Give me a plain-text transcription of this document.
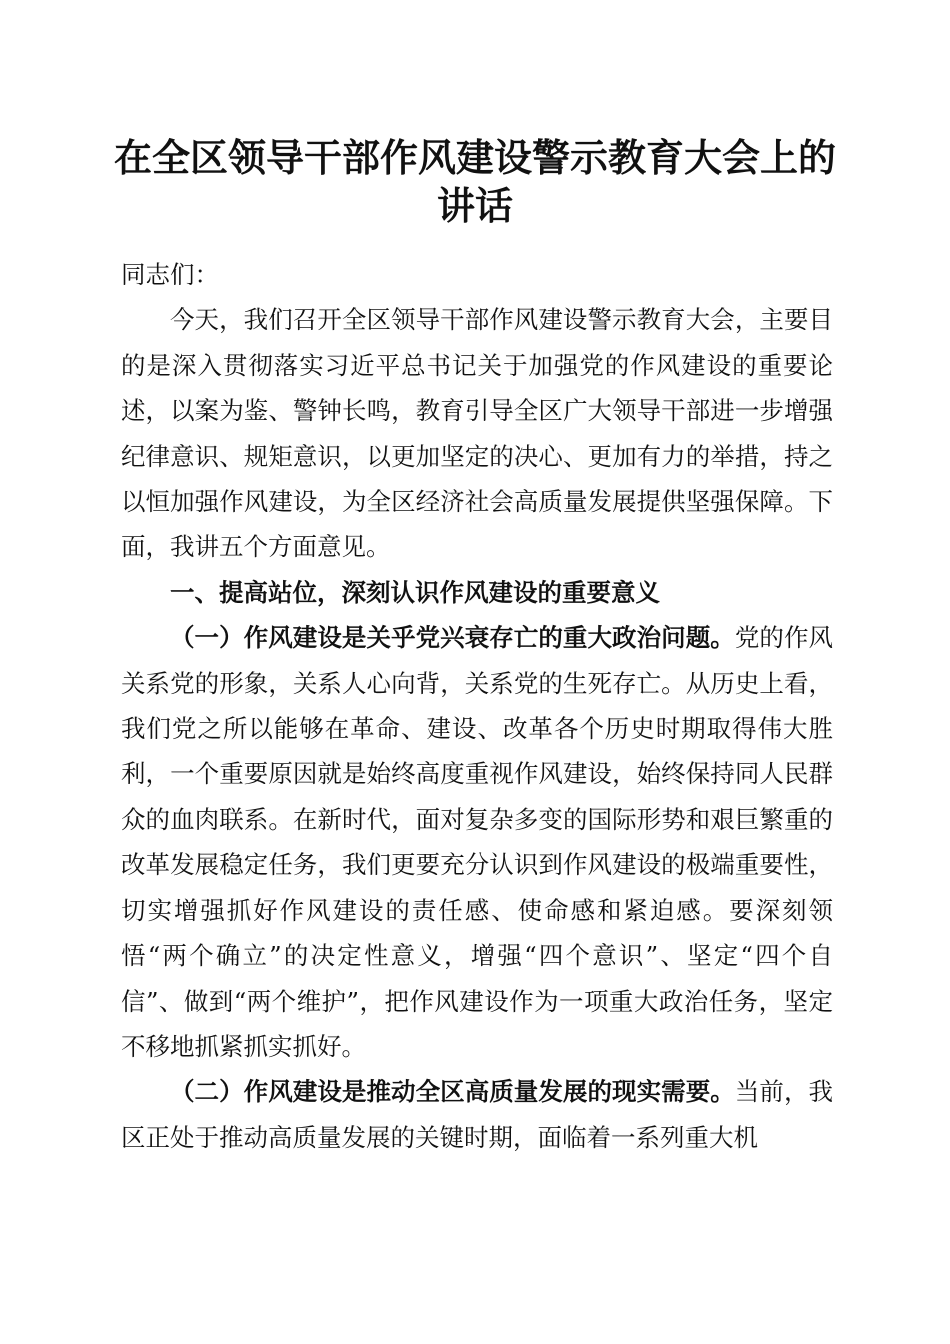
在全区领导干部作风建设警示教育大会上的讲话

同志们：

今天，我们召开全区领导干部作风建设警示教育大会，主要目的是深入贯彻落实习近平总书记关于加强党的作风建设的重要论述，以案为鉴、警钟长鸣，教育引导全区广大领导干部进一步增强纪律意识、规矩意识，以更加坚定的决心、更加有力的举措，持之以恒加强作风建设，为全区经济社会高质量发展提供坚强保障。下面，我讲五个方面意见。

一、提高站位，深刻认识作风建设的重要意义

（一）作风建设是关乎党兴衰存亡的重大政治问题。党的作风关系党的形象，关系人心向背，关系党的生死存亡。从历史上看，我们党之所以能够在革命、建设、改革各个历史时期取得伟大胜利，一个重要原因就是始终高度重视作风建设，始终保持同人民群众的血肉联系。在新时代，面对复杂多变的国际形势和艰巨繁重的改革发展稳定任务，我们更要充分认识到作风建设的极端重要性，切实增强抓好作风建设的责任感、使命感和紧迫感。要深刻领悟“两个确立”的决定性意义，增强“四个意识”、坚定“四个自信”、做到“两个维护”，把作风建设作为一项重大政治任务，坚定不移地抓紧抓实抓好。

（二）作风建设是推动全区高质量发展的现实需要。当前，我区正处于推动高质量发展的关键时期，面临着一系列重大机
